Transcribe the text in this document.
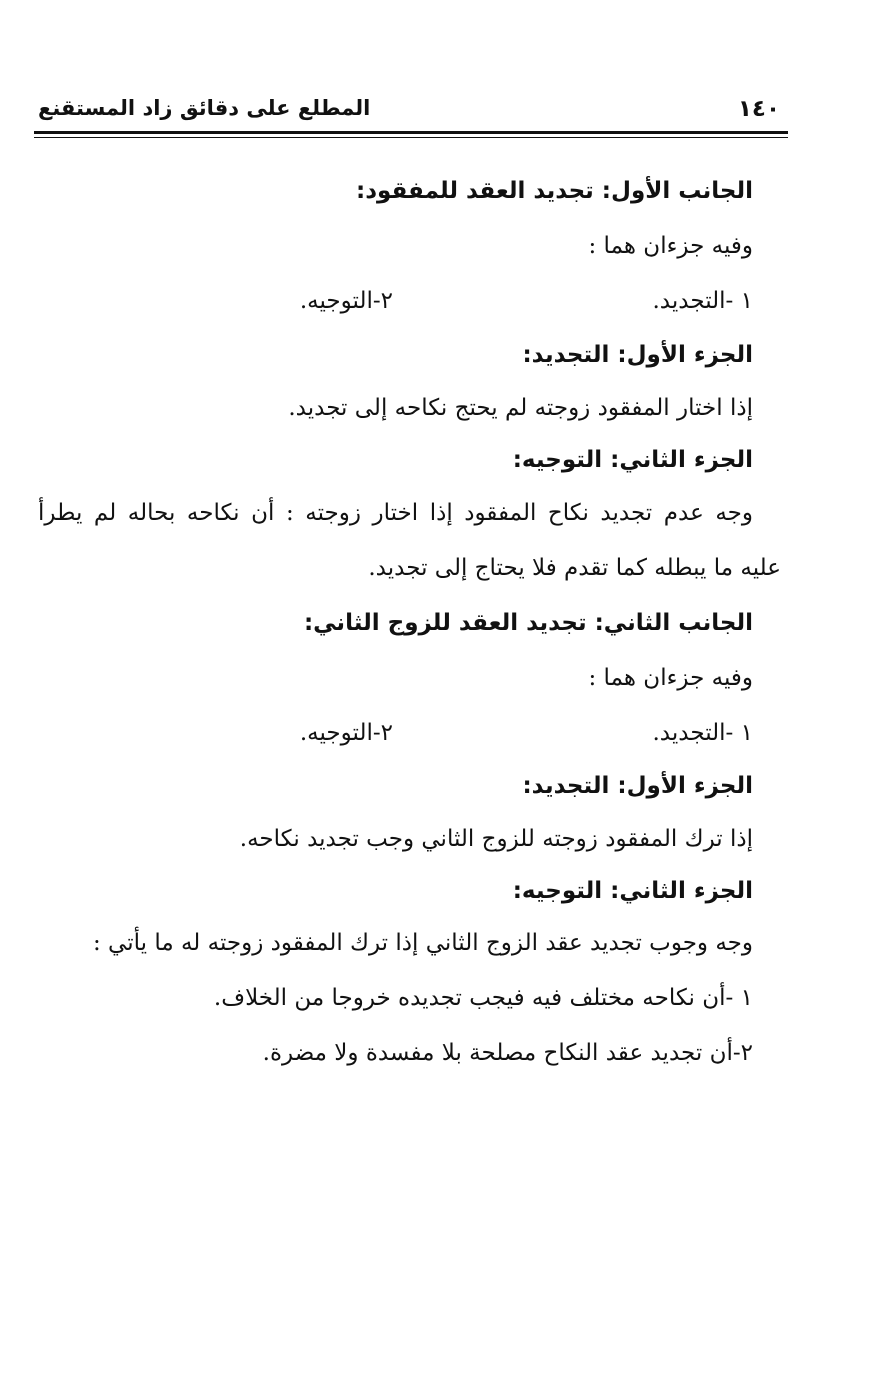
١٤٠
المطلع على دقائق زاد المستقنع
الجانب الأول: تجديد العقد للمفقود:
وفيه جزءان هما :
١ -التجديد.
٢-التوجيه.
الجزء الأول: التجديد:
إذا اختار المفقود زوجته لم يحتج نكاحه إلى تجديد.
الجزء الثاني: التوجيه:
وجه عدم تجديد نكاح المفقود إذا اختار زوجته : أن نكاحه بحاله لم يطرأ
عليه ما يبطله كما تقدم فلا يحتاج إلى تجديد.
الجانب الثاني: تجديد العقد للزوج الثاني:
وفيه جزءان هما :
١ -التجديد.
٢-التوجيه.
الجزء الأول: التجديد:
إذا ترك المفقود زوجته للزوج الثاني وجب تجديد نكاحه.
الجزء الثاني: التوجيه:
وجه وجوب تجديد عقد الزوج الثاني إذا ترك المفقود زوجته له ما يأتي :
١ -أن نكاحه مختلف فيه فيجب تجديده خروجا من الخلاف.
٢-أن تجديد عقد النكاح مصلحة بلا مفسدة ولا مضرة.
